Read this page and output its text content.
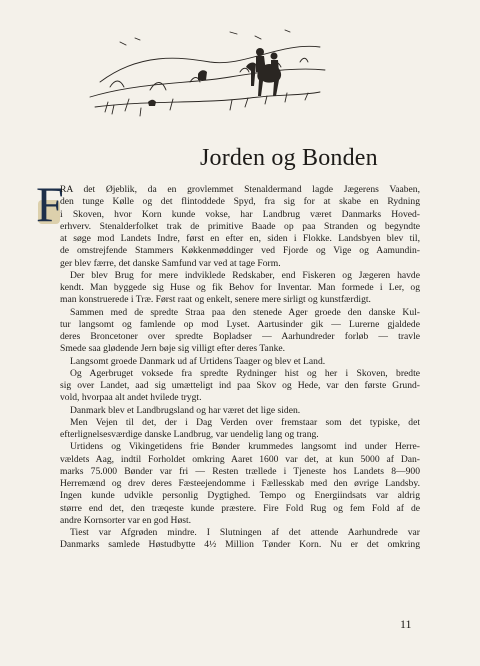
Jorden og Bonden
F
RA det Øjeblik, da en grovlemmet Stenaldermand lagde Jægerens Vaaben,
den tunge Kølle og det flintoddede Spyd, fra sig for at skabe en Rydning
i Skoven, hvor Korn kunde vokse, har Landbrug været Danmarks Hoved-
erhverv. Stenalderfolket trak de primitive Baade op paa Stranden og begyndte
at søge mod Landets Indre, først en efter en, siden i Flokke. Landsbyen blev til,
de omstrejfende Stammers Køkkenmøddinger ved Fjorde og Vige og Aamundin-
ger blev færre, det danske Samfund var ved at tage Form.
Der blev Brug for mere indviklede Redskaber, end Fiskeren og Jægeren havde
kendt. Man byggede sig Huse og fik Behov for Inventar. Man formede i Ler, og
man konstruerede i Træ. Først raat og enkelt, senere mere sirligt og kunstfærdigt.
Sammen med de spredte Straa paa den stenede Ager groede den danske Kul-
tur langsomt og famlende op mod Lyset. Aartusinder gik — Lurerne gjaldede
deres Broncetoner over spredte Bopladser — Aarhundreder forløb — travle
Smede saa glødende Jern bøje sig villigt efter deres Tanke.
Langsomt groede Danmark ud af Urtidens Taager og blev et Land.
Og Agerbruget voksede fra spredte Rydninger hist og her i Skoven, bredte
sig over Landet, aad sig umætteligt ind paa Skov og Hede, var den første Grund-
vold, hvorpaa alt andet hvilede trygt.
Danmark blev et Landbrugsland og har været det lige siden.
Men Vejen til det, der i Dag Verden over fremstaar som det typiske, det
efterlignelsesværdige danske Landbrug, var uendelig lang og trang.
Urtidens og Vikingetidens frie Bønder krummedes langsomt ind under Herre-
vældets Aag, indtil Forholdet omkring Aaret 1600 var det, at kun 5000 af Dan-
marks 75.000 Bønder var fri — Resten trællede i Tjeneste hos Landets 8—900
Herremænd og drev deres Fæsteejendomme i Fællesskab med den øvrige Landsby.
Ingen kunde udvikle personlig Dygtighed. Tempo og Energiindsats var aldrig
større end det, den træqeste kunde præstere. Fire Fold Rug og fem Fold af de
andre Kornsorter var en god Høst.
Tiest var Afgrøden mindre. I Slutningen af det attende Aarhundrede var
Danmarks samlede Høstudbytte 4½ Million Tønder Korn. Nu er det omkring
11
